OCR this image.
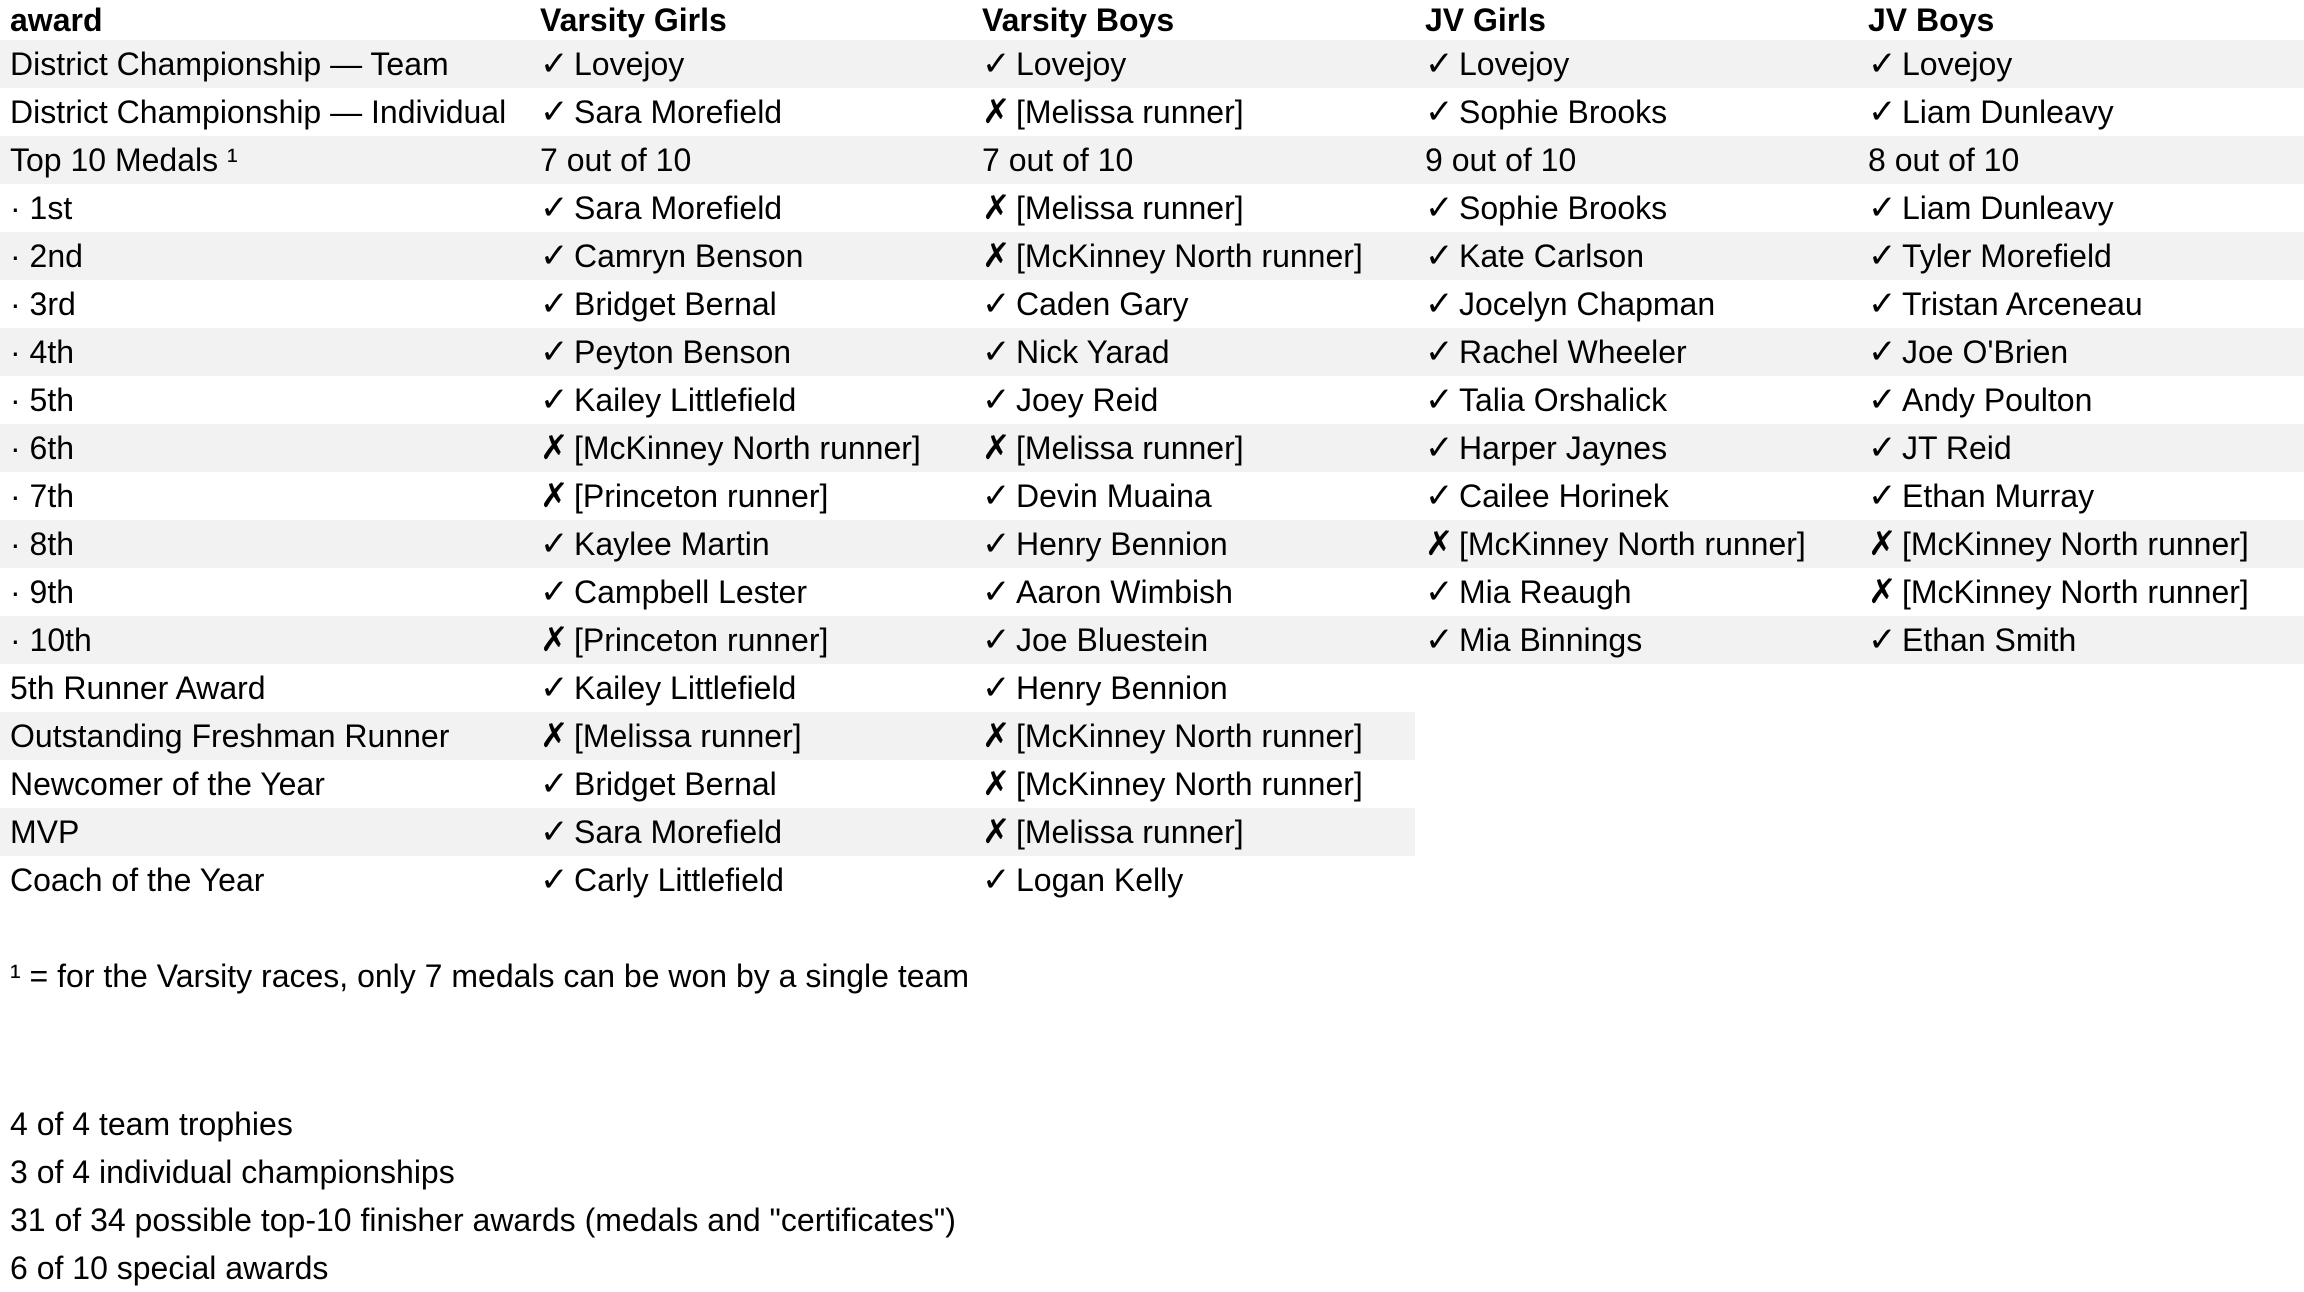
award	Varsity Girls	Varsity Boys	JV Girls	JV Boys
District Championship — Team	✓ Lovejoy	✓ Lovejoy	✓ Lovejoy	✓ Lovejoy
District Championship — Individual	✓ Sara Morefield	✗ [Melissa runner]	✓ Sophie Brooks	✓ Liam Dunleavy
Top 10 Medals ¹	7 out of 10	7 out of 10	9 out of 10	8 out of 10
· 1st	✓ Sara Morefield	✗ [Melissa runner]	✓ Sophie Brooks	✓ Liam Dunleavy
· 2nd	✓ Camryn Benson	✗ [McKinney North runner]	✓ Kate Carlson	✓ Tyler Morefield
· 3rd	✓ Bridget Bernal	✓ Caden Gary	✓ Jocelyn Chapman	✓ Tristan Arceneau
· 4th	✓ Peyton Benson	✓ Nick Yarad	✓ Rachel Wheeler	✓ Joe O'Brien
· 5th	✓ Kailey Littlefield	✓ Joey Reid	✓ Talia Orshalick	✓ Andy Poulton
· 6th	✗ [McKinney North runner]	✗ [Melissa runner]	✓ Harper Jaynes	✓ JT Reid
· 7th	✗ [Princeton runner]	✓ Devin Muaina	✓ Cailee Horinek	✓ Ethan Murray
· 8th	✓ Kaylee Martin	✓ Henry Bennion	✗ [McKinney North runner]	✗ [McKinney North runner]
· 9th	✓ Campbell Lester	✓ Aaron Wimbish	✓ Mia Reaugh	✗ [McKinney North runner]
· 10th	✗ [Princeton runner]	✓ Joe Bluestein	✓ Mia Binnings	✓ Ethan Smith
5th Runner Award	✓ Kailey Littlefield	✓ Henry Bennion		
Outstanding Freshman Runner	✗ [Melissa runner]	✗ [McKinney North runner]		
Newcomer of the Year	✓ Bridget Bernal	✗ [McKinney North runner]		
MVP	✓ Sara Morefield	✗ [Melissa runner]		
Coach of the Year	✓ Carly Littlefield	✓ Logan Kelly		
¹ = for the Varsity races, only 7 medals can be won by a single team
4 of 4 team trophies
3 of 4 individual championships
31 of 34 possible top-10 finisher awards (medals and "certificates")
6 of 10 special awards
